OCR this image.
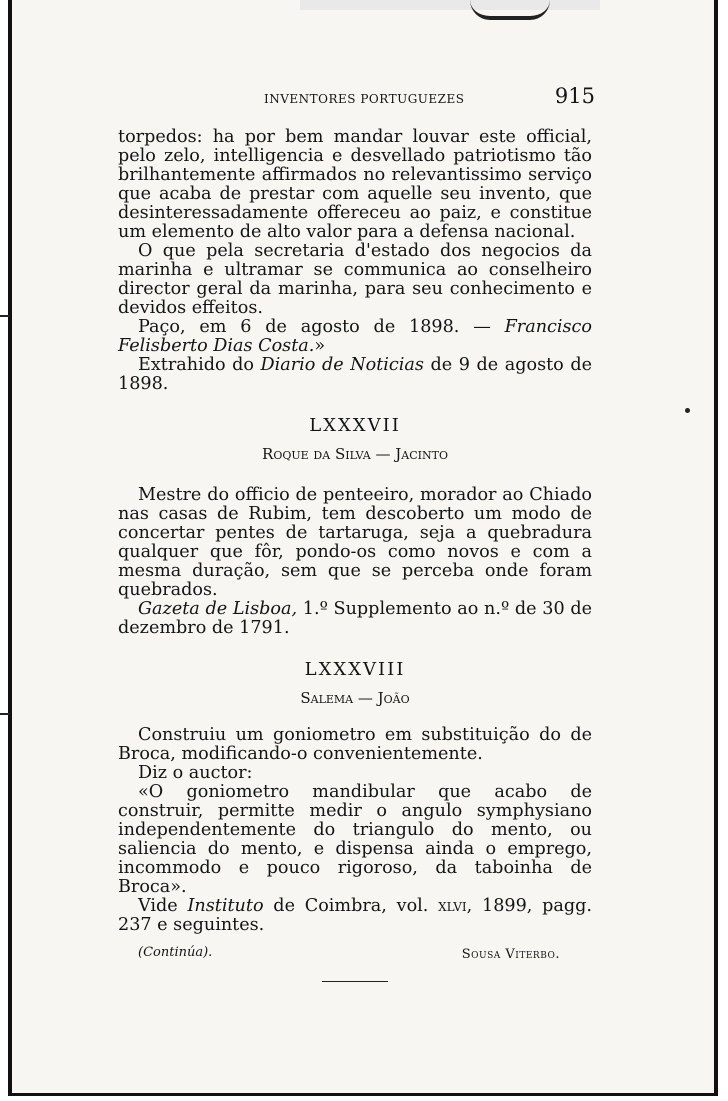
INVENTORES PORTUGUEZES	915

torpedos: ha por bem mandar louvar este official, pelo zelo, intelligencia e desvellado patriotismo tão brilhantemente affirmados no relevantissimo serviço que acaba de prestar com aquelle seu invento, que desinteressadamente offereceu ao paiz, e constitue um elemento de alto valor para a defensa nacional.

O que pela secretaria d'estado dos negocios da marinha e ultramar se communica ao conselheiro director geral da marinha, para seu conhecimento e devidos effeitos.

Paço, em 6 de agosto de 1898. — Francisco Felisberto Dias Costa.»

Extrahido do Diario de Noticias de 9 de agosto de 1898.

LXXXVII
Roque da Silva — Jacinto

Mestre do officio de penteeiro, morador ao Chiado nas casas de Rubim, tem descoberto um modo de concertar pentes de tartaruga, seja a quebradura qualquer que fôr, pondo-os como novos e com a mesma duração, sem que se perceba onde foram quebrados.

Gazeta de Lisboa, 1.º Supplemento ao n.º de 30 de dezembro de 1791.

LXXXVIII
Salema — João

Construiu um goniometro em substituição do de Broca, modificando-o convenientemente.

Diz o auctor:

«O goniometro mandibular que acabo de construir, permitte medir o angulo symphysiano independentemente do triangulo do mento, ou saliencia do mento, e dispensa ainda o emprego, incommodo e pouco rigoroso, da taboinha de Broca».

Vide Instituto de Coimbra, vol. xlvi, 1899, pagg. 237 e seguintes.

(Continúa).	Sousa Viterbo.
